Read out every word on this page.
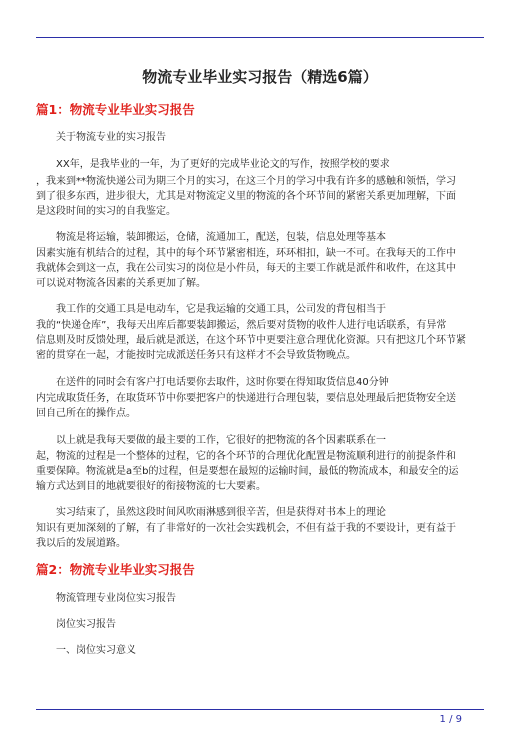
物流专业毕业实习报告（精选6篇）
篇1：物流专业毕业实习报告
关于物流专业的实习报告
XX年，是我毕业的一年，为了更好的完成毕业论文的写作，按照学校的要求
，我来到**物流快递公司为期三个月的实习，在这三个月的学习中我有许多的感触和领悟，学习
到了很多东西，进步很大，尤其是对物流定义里的物流的各个环节间的紧密关系更加理解，下面
是这段时间的实习的自我鉴定。
物流是将运输，装卸搬运，仓储，流通加工，配送，包装，信息处理等基本
因素实施有机结合的过程，其中的每个环节紧密相连，环环相扣，缺一不可。在我每天的工作中
我就体会到这一点，我在公司实习的岗位是小件员，每天的主要工作就是派件和收件，在这其中
可以说对物流各因素的关系更加了解。
我工作的交通工具是电动车，它是我运输的交通工具，公司发的背包相当于
我的“快递仓库”，我每天出库后都要装卸搬运，然后要对货物的收件人进行电话联系，有异常
信息则及时反馈处理，最后就是派送，在这个环节中更要注意合理优化资源。只有把这几个环节紧
密的贯穿在一起，才能按时完成派送任务只有这样才不会导致货物晚点。
在送件的同时会有客户打电话要你去取件，这时你要在得知取货信息40分钟
内完成取货任务，在取货环节中你要把客户的快递进行合理包装，要信息处理最后把货物安全送
回自己所在的操作点。
以上就是我每天要做的最主要的工作，它很好的把物流的各个因素联系在一
起，物流的过程是一个整体的过程，它的各个环节的合理优化配置是物流顺利进行的前提条件和
重要保障。物流就是a至b的过程，但是要想在最短的运输时间，最低的物流成本，和最安全的运
输方式达到目的地就要很好的衔接物流的七大要素。
实习结束了，虽然这段时间风吹雨淋感到很辛苦，但是获得对书本上的理论
知识有更加深刻的了解，有了非常好的一次社会实践机会，不但有益于我的不要设计，更有益于
我以后的发展道路。
篇2：物流专业毕业实习报告
物流管理专业岗位实习报告
岗位实习报告
一、岗位实习意义
1 / 9
